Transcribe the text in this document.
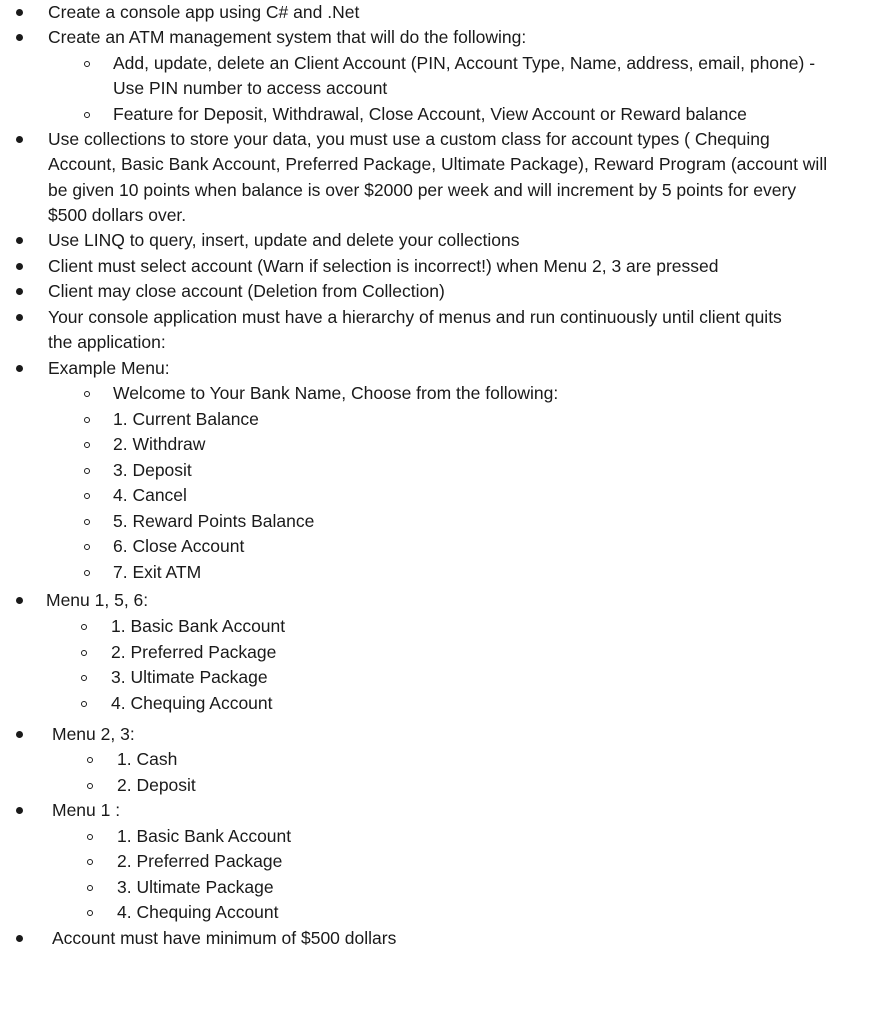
Create a console app using C# and .Net
Create an ATM management system that will do the following:
Add, update, delete an Client Account (PIN, Account Type, Name, address, email, phone) -
Use PIN number to access account
Feature for Deposit, Withdrawal, Close Account, View Account or Reward balance
Use collections to store your data, you must use a custom class for account types ( Chequing
Account, Basic Bank Account, Preferred Package, Ultimate Package), Reward Program (account will
be given 10 points when balance is over $2000 per week and will increment by 5 points for every
$500 dollars over.
Use LINQ to query, insert, update and delete your collections
Client must select account (Warn if selection is incorrect!) when Menu 2, 3 are pressed
Client may close account (Deletion from Collection)
Your console application must have a hierarchy of menus and run continuously until client quits
the application:
Example Menu:
Welcome to Your Bank Name, Choose from the following:
1. Current Balance
2. Withdraw
3. Deposit
4. Cancel
5. Reward Points Balance
6. Close Account
7. Exit ATM
Menu 1, 5, 6:
1. Basic Bank Account
2. Preferred Package
3. Ultimate Package
4. Chequing Account
Menu 2, 3:
1. Cash
2. Deposit
Menu 1 :
1. Basic Bank Account
2. Preferred Package
3. Ultimate Package
4. Chequing Account
Account must have minimum of $500 dollars
